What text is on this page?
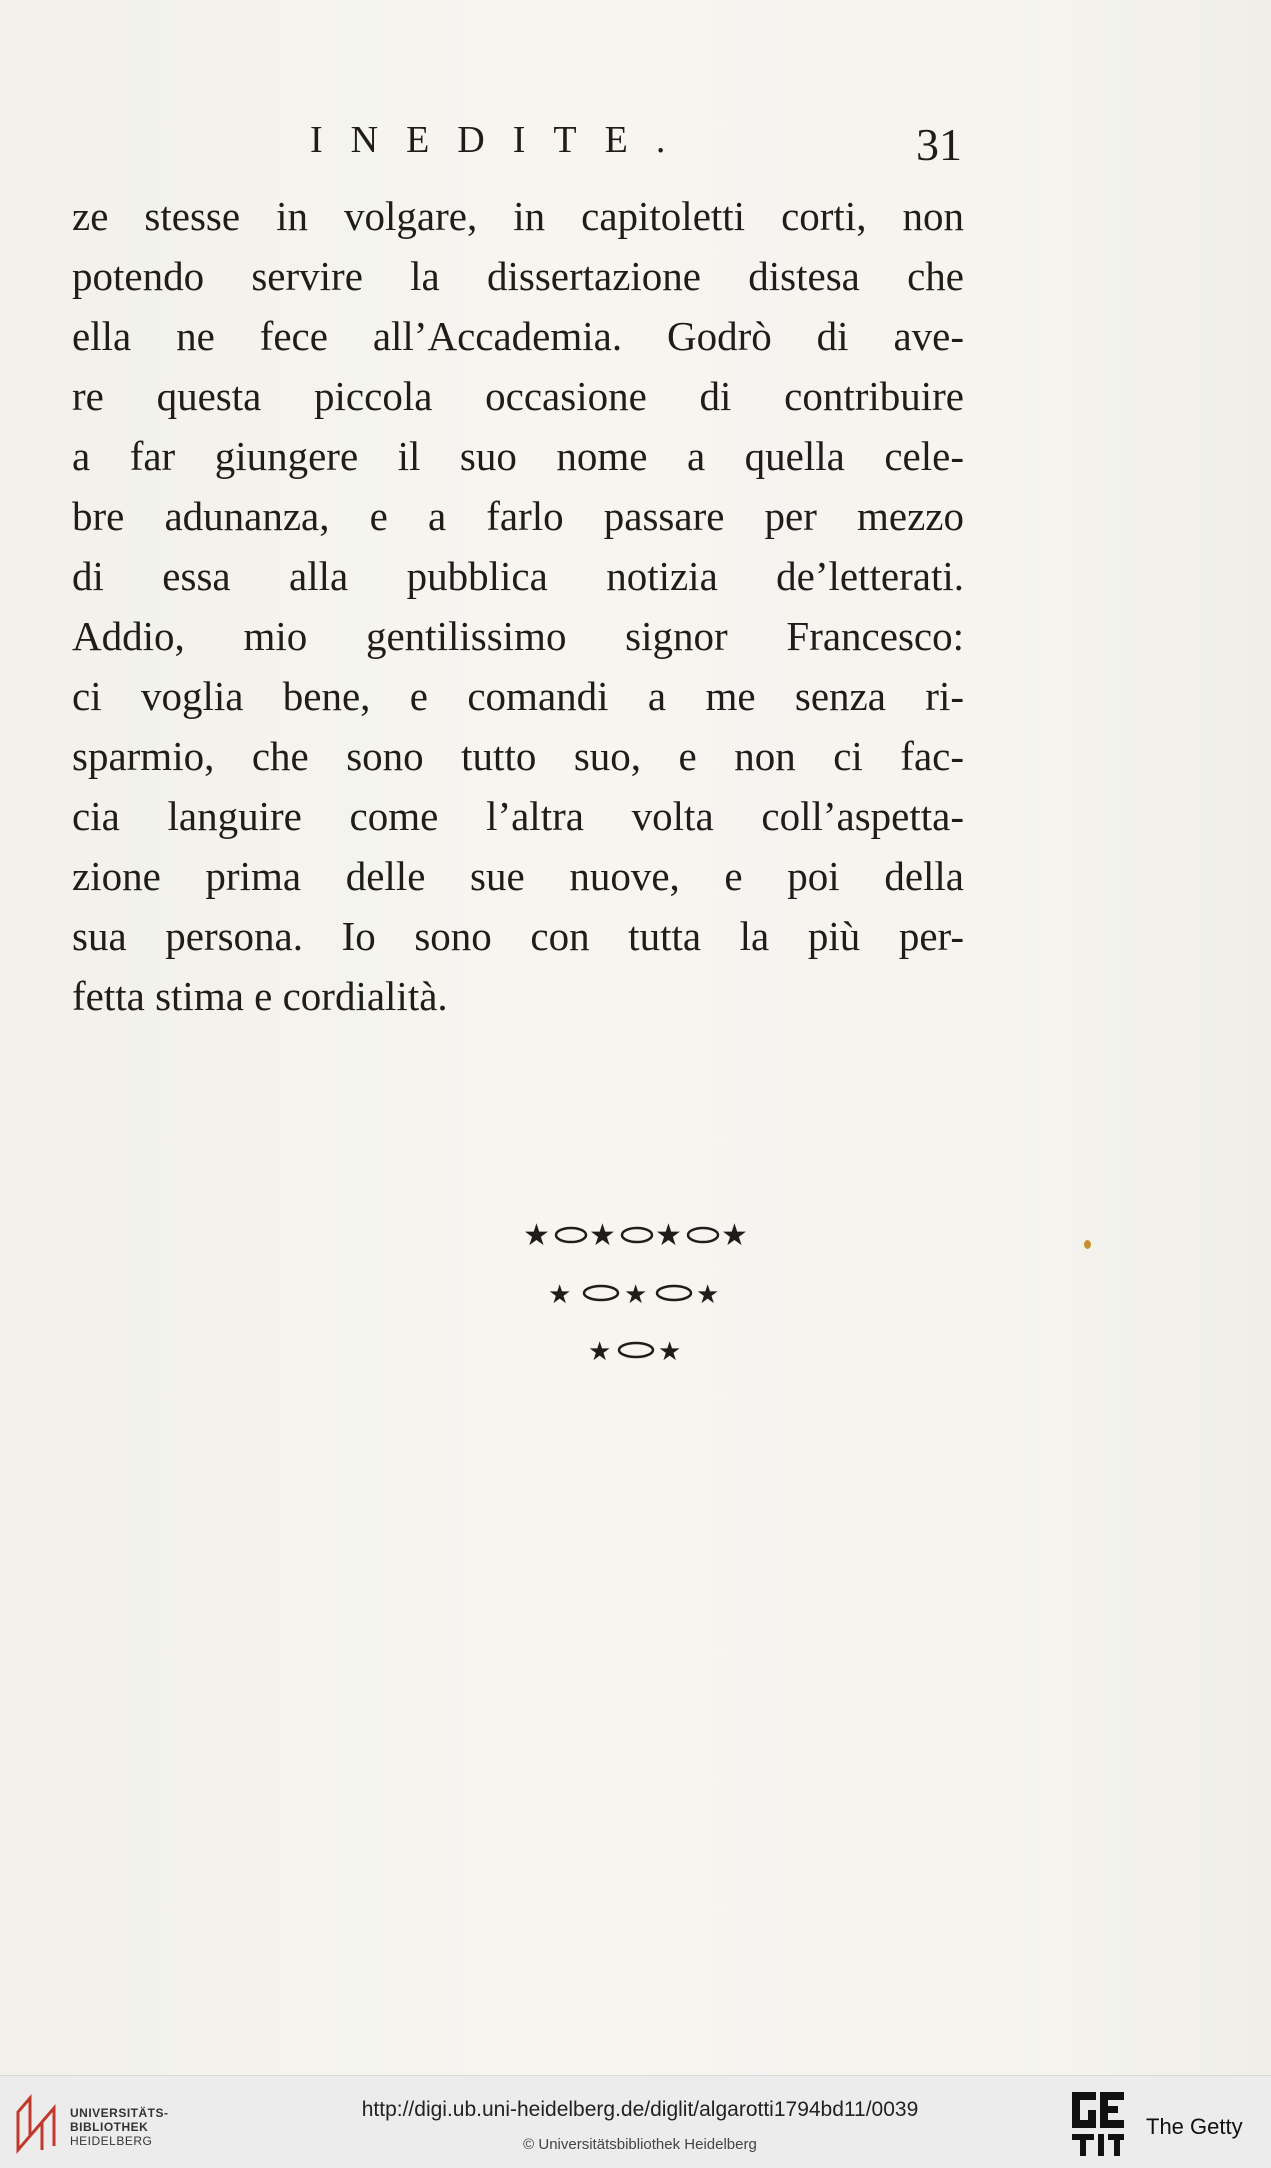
INEDITE.	31
ze stesse in volgare, in capitoletti corti, non
potendo servire la dissertazione distesa che
ella ne fece all’Accademia. Godrò di ave-
re questa piccola occasione di contribuire
a far giungere il suo nome a quella cele-
bre adunanza, e a farlo passare per mezzo
di essa alla pubblica notizia de’letterati.
Addio, mio gentilissimo signor Francesco:
ci voglia bene, e comandi a me senza ri-
sparmio, che sono tutto suo, e non ci fac-
cia languire come l’altra volta coll’aspetta-
zione prima delle sue nuove, e poi della
sua persona. Io sono con tutta la più per-
fetta stima e cordialità.
★ ★ ★ ★
★ ★ ★
★ ★
UNIVERSITÄTS-
BIBLIOTHEK
HEIDELBERG
http://digi.ub.uni-heidelberg.de/diglit/algarotti1794bd11/0039
© Universitätsbibliothek Heidelberg
The Getty
